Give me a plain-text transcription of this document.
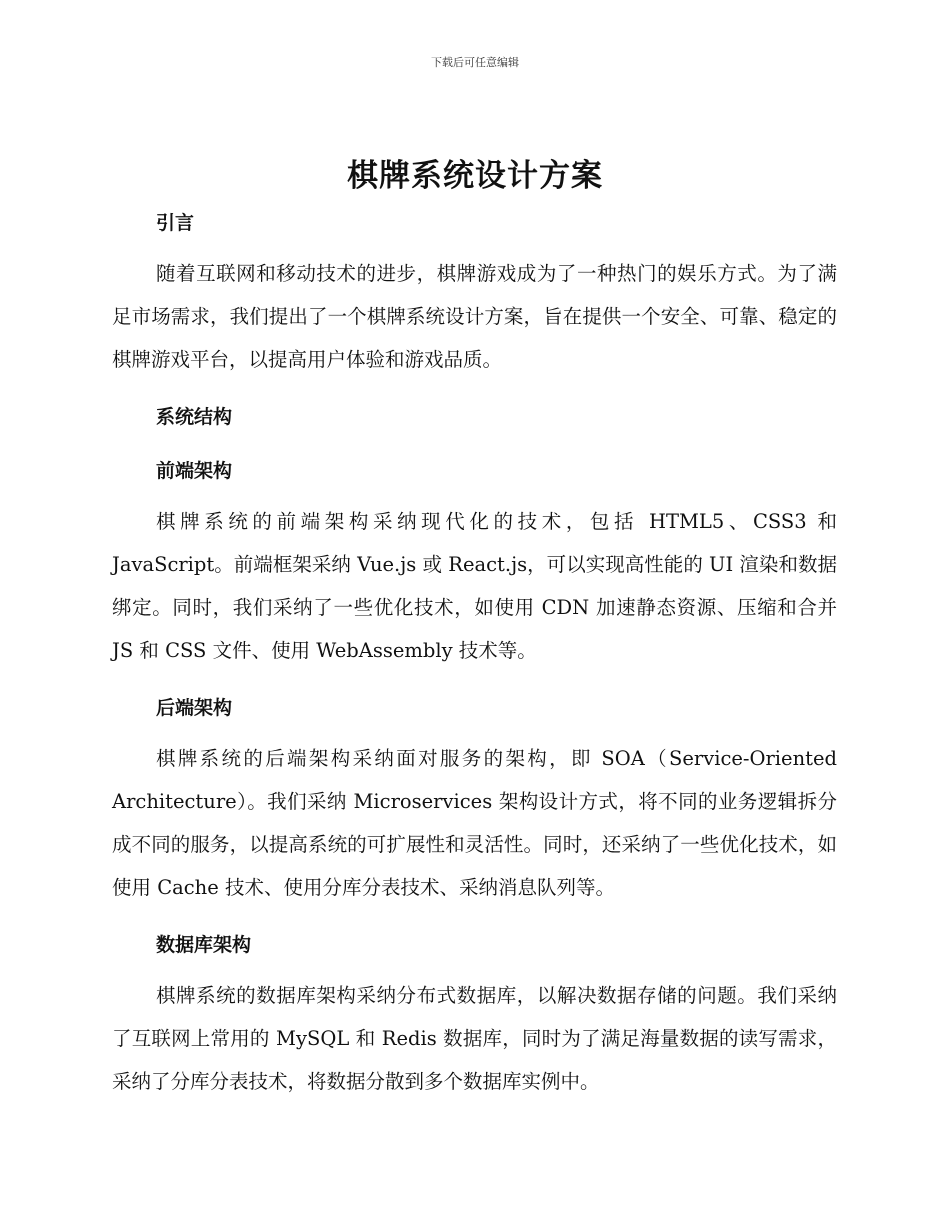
下载后可任意编辑
棋牌系统设计方案
引言

随着互联网和移动技术的进步，棋牌游戏成为了一种热门的娱乐方式。为了满足市场需求，我们提出了一个棋牌系统设计方案，旨在提供一个安全、可靠、稳定的棋牌游戏平台，以提高用户体验和游戏品质。

系统结构
前端架构

棋牌系统的前端架构采纳现代化的技术，包括 HTML5、CSS3 和 JavaScript。前端框架采纳 Vue.js 或 React.js，可以实现高性能的 UI 渲染和数据绑定。同时，我们采纳了一些优化技术，如使用 CDN 加速静态资源、压缩和合并 JS 和 CSS 文件、使用 WebAssembly 技术等。

后端架构

棋牌系统的后端架构采纳面对服务的架构，即 SOA（Service-Oriented Architecture）。我们采纳 Microservices 架构设计方式，将不同的业务逻辑拆分成不同的服务，以提高系统的可扩展性和灵活性。同时，还采纳了一些优化技术，如使用 Cache 技术、使用分库分表技术、采纳消息队列等。

数据库架构

棋牌系统的数据库架构采纳分布式数据库，以解决数据存储的问题。我们采纳了互联网上常用的 MySQL 和 Redis 数据库，同时为了满足海量数据的读写需求，采纳了分库分表技术，将数据分散到多个数据库实例中。
